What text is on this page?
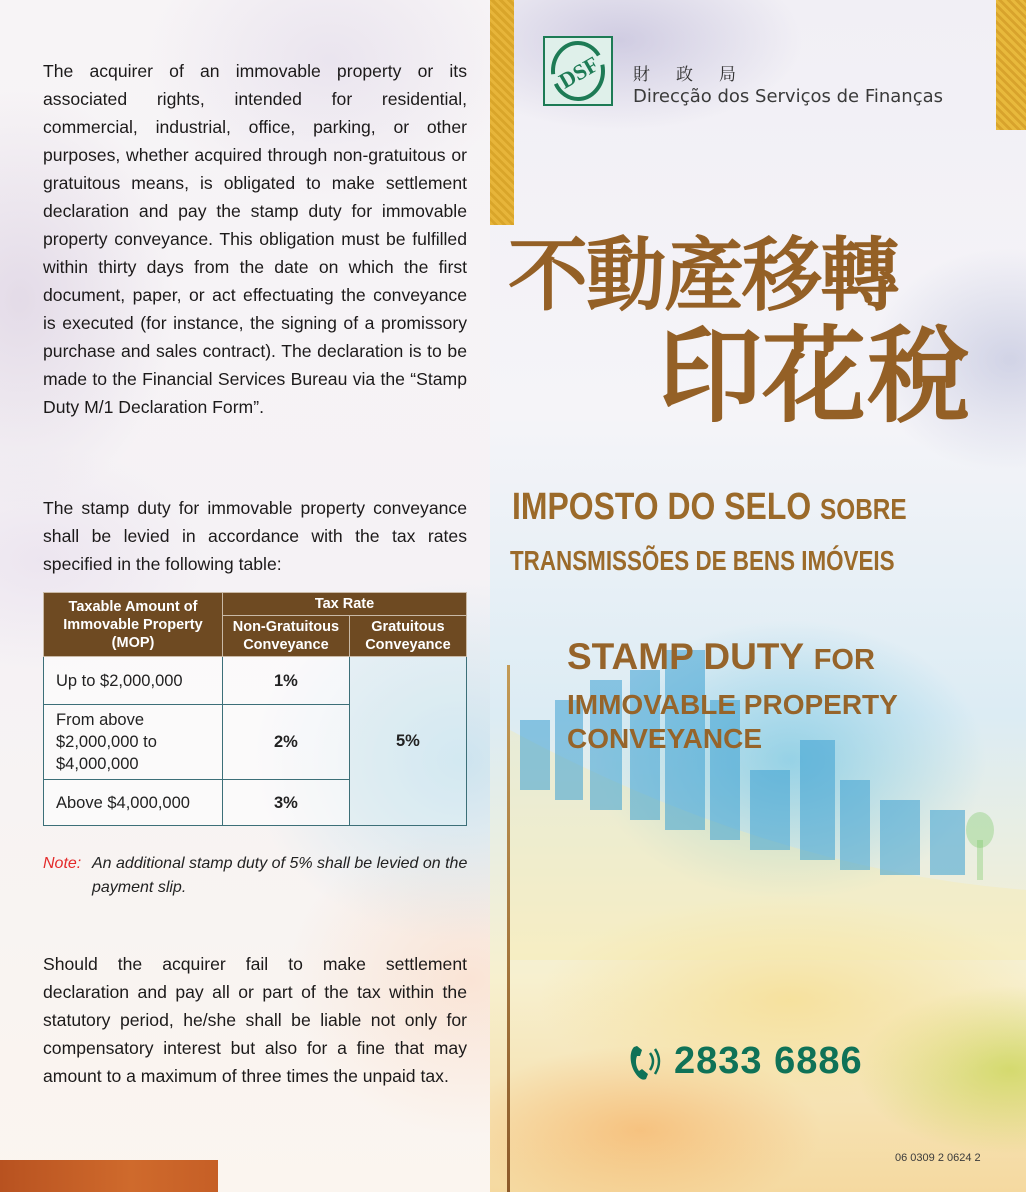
The acquirer of an immovable property or its associated rights, intended for residential, commercial, industrial, office, parking, or other purposes, whether acquired through non-gratuitous or gratuitous means, is obligated to make settlement declaration and pay the stamp duty for immovable property conveyance. This obligation must be fulfilled within thirty days from the date on which the first document, paper, or act effectuating the conveyance is executed (for instance, the signing of a promissory purchase and sales contract). The declaration is to be made to the Financial Services Bureau via the “Stamp Duty M/1 Declaration Form”.

The stamp duty for immovable property conveyance shall be levied in accordance with the tax rates specified in the following table:

Taxable Amount of Immovable Property (MOP)	Tax Rate	
	Non-Gratuitous Conveyance	Gratuitous Conveyance
Up to $2,000,000	1%	5%
From above $2,000,000 to $4,000,000	2%	
Above $4,000,000	3%	
Note: An additional stamp duty of 5% shall be levied on the payment slip.

Should the acquirer fail to make settlement declaration and pay all or part of the tax within the statutory period, he/she shall be liable not only for compensatory interest but also for a fine that may amount to a maximum of three times the unpaid tax.

DSF 財政局
Direcção dos Serviços de Finanças
不動產移轉
印花稅
IMPOSTO DO SELO SOBRE
TRANSMISSÕES DE BENS IMÓVEIS
STAMP DUTY FOR
IMMOVABLE PROPERTY
CONVEYANCE
2833 6886
06 0309 2 0624 2
